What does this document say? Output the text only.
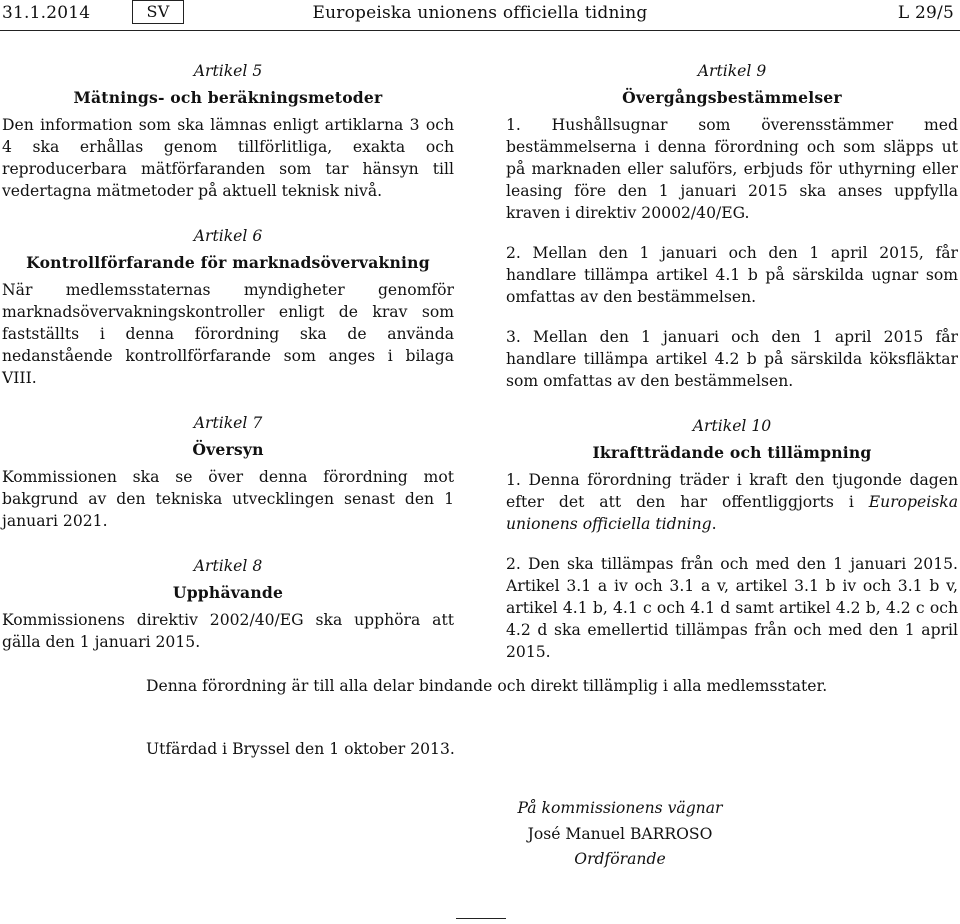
31.1.2014	SV	Europeiska unionens officiella tidning	L 29/5
Artikel 5
Mätnings- och beräkningsmetoder

Den information som ska lämnas enligt artiklarna 3 och 4 ska erhållas genom tillförlitliga, exakta och reproducerbara mätförfaranden som tar hänsyn till vedertagna mätmetoder på aktuell teknisk nivå.

Artikel 6
Kontrollförfarande för marknadsövervakning

När medlemsstaternas myndigheter genomför marknadsövervakningskontroller enligt de krav som fastställts i denna förordning ska de använda nedanstående kontrollförfarande som anges i bilaga VIII.

Artikel 7
Översyn

Kommissionen ska se över denna förordning mot bakgrund av den tekniska utvecklingen senast den 1 januari 2021.

Artikel 8
Upphävande

Kommissionens direktiv 2002/40/EG ska upphöra att gälla den 1 januari 2015.

Artikel 9
Övergångsbestämmelser

1. Hushållsugnar som överensstämmer med bestämmelserna i denna förordning och som släpps ut på marknaden eller saluförs, erbjuds för uthyrning eller leasing före den 1 januari 2015 ska anses uppfylla kraven i direktiv 20002/40/EG.

2. Mellan den 1 januari och den 1 april 2015, får handlare tillämpa artikel 4.1 b på särskilda ugnar som omfattas av den bestämmelsen.

3. Mellan den 1 januari och den 1 april 2015 får handlare tillämpa artikel 4.2 b på särskilda köksfläktar som omfattas av den bestämmelsen.

Artikel 10
Ikraftträdande och tillämpning

1. Denna förordning träder i kraft den tjugonde dagen efter det att den har offentliggjorts i Europeiska unionens officiella tidning.

2. Den ska tillämpas från och med den 1 januari 2015. Artikel 3.1 a iv och 3.1 a v, artikel 3.1 b iv och 3.1 b v, artikel 4.1 b, 4.1 c och 4.1 d samt artikel 4.2 b, 4.2 c och 4.2 d ska emellertid tillämpas från och med den 1 april 2015.

Denna förordning är till alla delar bindande och direkt tillämplig i alla medlemsstater.
Utfärdad i Bryssel den 1 oktober 2013.
På kommissionens vägnar
José Manuel BARROSO
Ordförande
